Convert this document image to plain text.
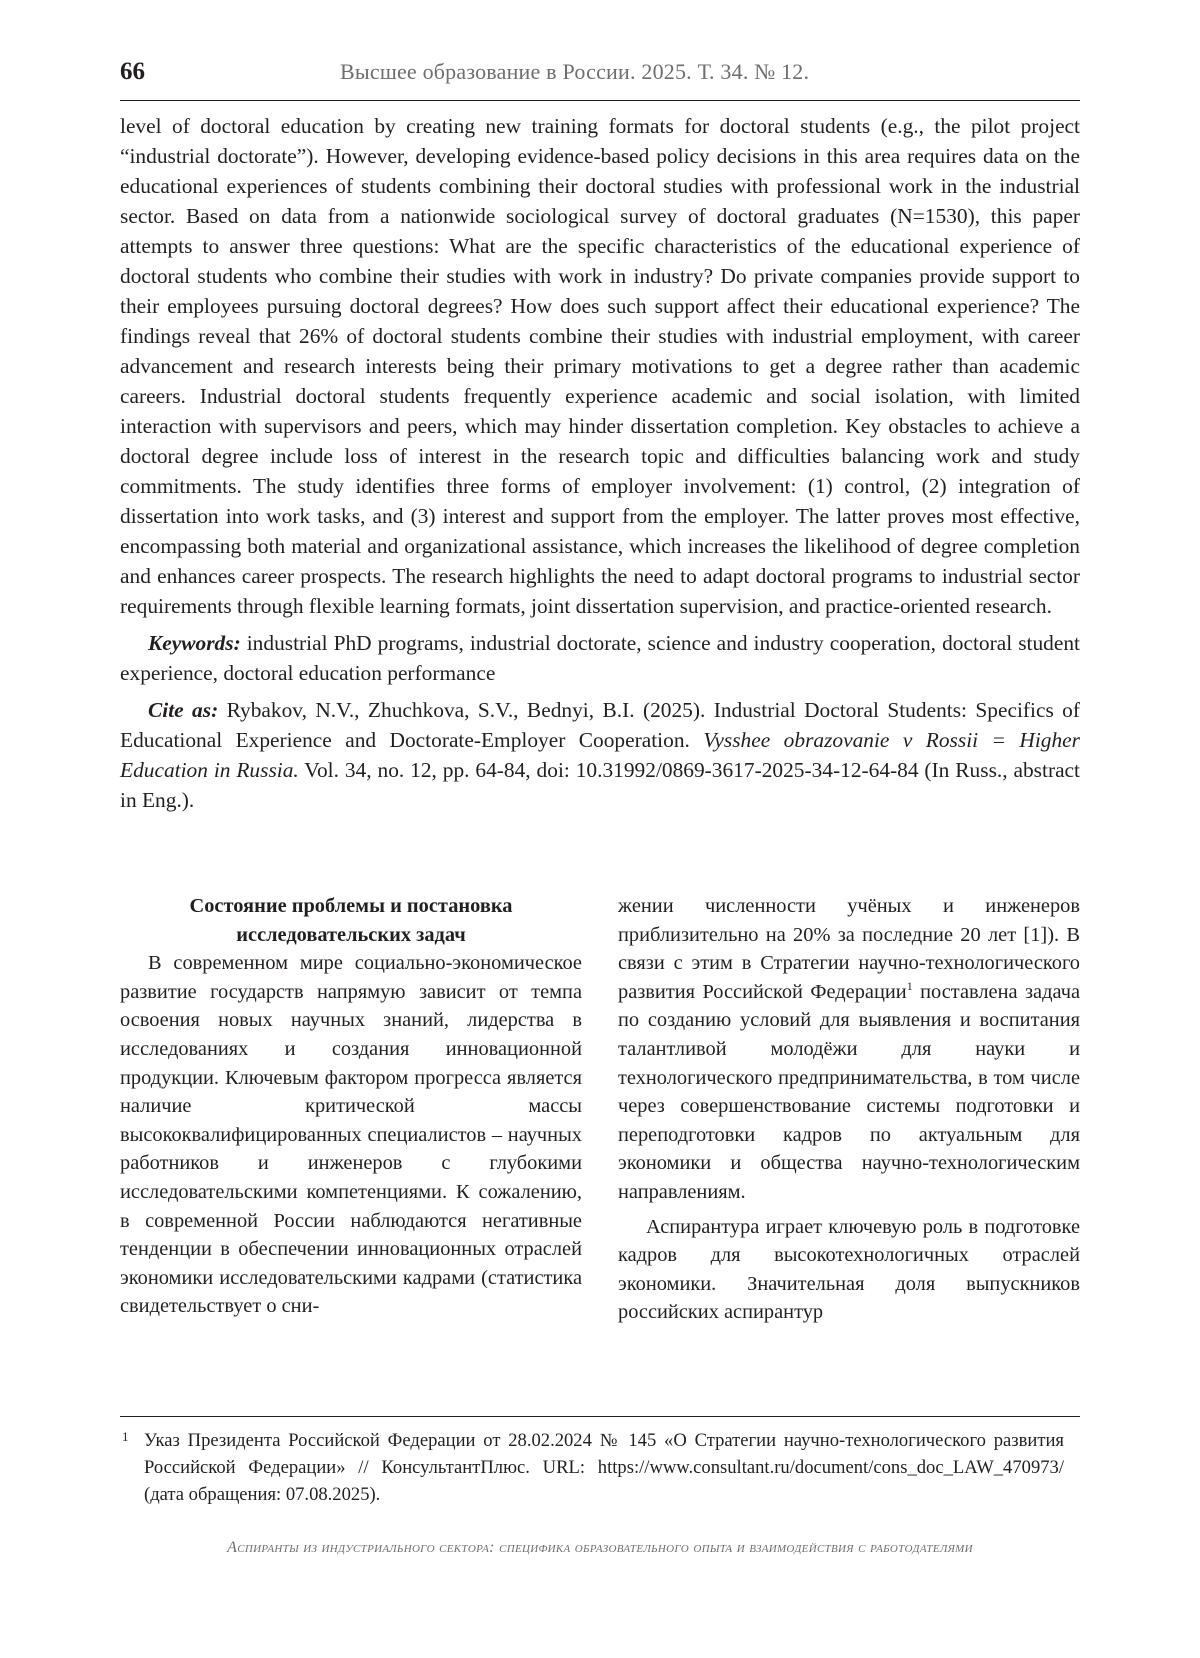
66	Высшее образование в России. 2025. Т. 34. № 12.

level of doctoral education by creating new training formats for doctoral students (e.g., the pilot project “industrial doctorate”). However, developing evidence-based policy decisions in this area requires data on the educational experiences of students combining their doctoral studies with professional work in the industrial sector. Based on data from a nationwide sociological survey of doctoral graduates (N=1530), this paper attempts to answer three questions: What are the specific characteristics of the educational experience of doctoral students who combine their studies with work in industry? Do private companies provide support to their employees pursuing doctoral degrees? How does such support affect their educational experience? The findings reveal that 26% of doctoral students combine their studies with industrial employment, with career advancement and research interests being their primary motivations to get a degree rather than academic careers. Industrial doctoral students frequently experience academic and social isolation, with limited interaction with supervisors and peers, which may hinder dissertation completion. Key obstacles to achieve a doctoral degree include loss of interest in the research topic and difficulties balancing work and study commitments. The study identifies three forms of employer involvement: (1) control, (2) integration of dissertation into work tasks, and (3) interest and support from the employer. The latter proves most effective, encompassing both material and organizational assistance, which increases the likelihood of degree completion and enhances career prospects. The research highlights the need to adapt doctoral programs to industrial sector requirements through flexible learning formats, joint dissertation supervision, and practice-oriented research.

Keywords: industrial PhD programs, industrial doctorate, science and industry cooperation, doctoral student experience, doctoral education performance
Cite as: Rybakov, N.V., Zhuchkova, S.V., Bednyi, B.I. (2025). Industrial Doctoral Students: Specifics of Educational Experience and Doctorate-Employer Cooperation. Vysshee obrazovanie v Rossii = Higher Education in Russia. Vol. 34, no. 12, pp. 64-84, doi: 10.31992/0869-3617-2025-34-12-64-84 (In Russ., abstract in Eng.).
Состояние проблемы и постановка
исследовательских задач

В современном мире социально-экономическое развитие государств напрямую зависит от темпа освоения новых научных знаний, лидерства в исследованиях и создания инновационной продукции. Ключевым фактором прогресса является наличие критической массы высококвалифицированных специалистов – научных работников и инженеров с глубокими исследовательскими компетенциями. К сожалению, в современной России наблюдаются негативные тенденции в обеспечении инновационных отраслей экономики исследовательскими кадрами (статистика свидетельствует о сни-

жении численности учёных и инженеров приблизительно на 20% за последние 20 лет [1]). В связи с этим в Стратегии научно-технологического развития Российской Федерации$^1$ поставлена задача по созданию условий для выявления и воспитания талантливой молодёжи для науки и технологического предпринимательства, в том числе через совершенствование системы подготовки и переподготовки кадров по актуальным для экономики и общества научно-технологическим направлениям.

Аспирантура играет ключевую роль в подготовке кадров для высокотехнологичных отраслей экономики. Значительная доля выпускников российских аспирантур

1 Указ Президента Российской Федерации от 28.02.2024 № 145 «О Стратегии научно-технологического развития Российской Федерации» // КонсультантПлюс. URL: https://www.consultant.ru/document/cons_doc_LAW_470973/ (дата обращения: 07.08.2025).
Аспиранты из индустриального сектора: специфика образовательного опыта и взаимодействия с работодателями
